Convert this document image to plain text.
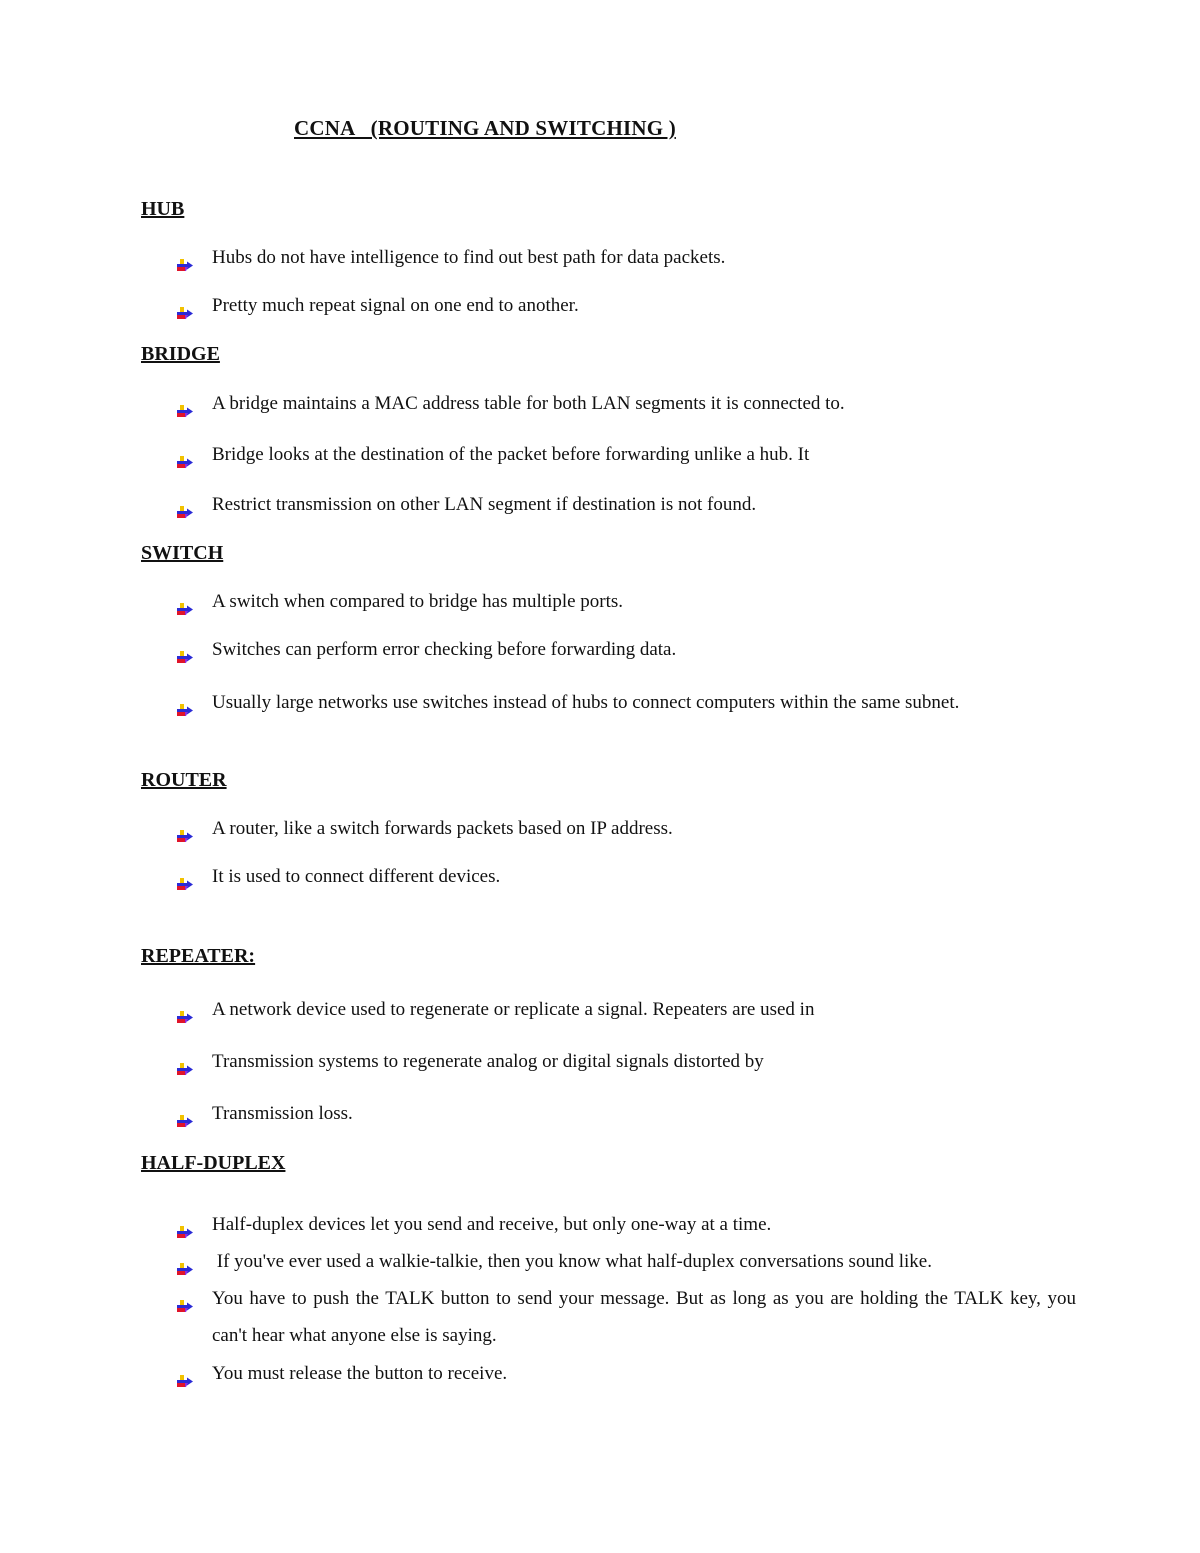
CCNA   (ROUTING AND SWITCHING )
HUB
Hubs do not have intelligence to find out best path for data packets.
Pretty much repeat signal on one end to another.
BRIDGE
A bridge maintains a MAC address table for both LAN segments it is connected to.
Bridge looks at the destination of the packet before forwarding unlike a hub. It
Restrict transmission on other LAN segment if destination is not found.
SWITCH
A switch when compared to bridge has multiple ports.
Switches can perform error checking before forwarding data.
Usually large networks use switches instead of hubs to connect computers within the same subnet.
ROUTER
A router, like a switch forwards packets based on IP address.
It is used to connect different devices.
REPEATER:
A network device used to regenerate or replicate a signal. Repeaters are used in
Transmission systems to regenerate analog or digital signals distorted by
Transmission loss.
HALF-DUPLEX
Half-duplex devices let you send and receive, but only one-way at a time.
If you've ever used a walkie-talkie, then you know what half-duplex conversations sound like.
You have to push the TALK button to send your message. But as long as you are holding the TALK key, you can't hear what anyone else is saying.
You must release the button to receive.
